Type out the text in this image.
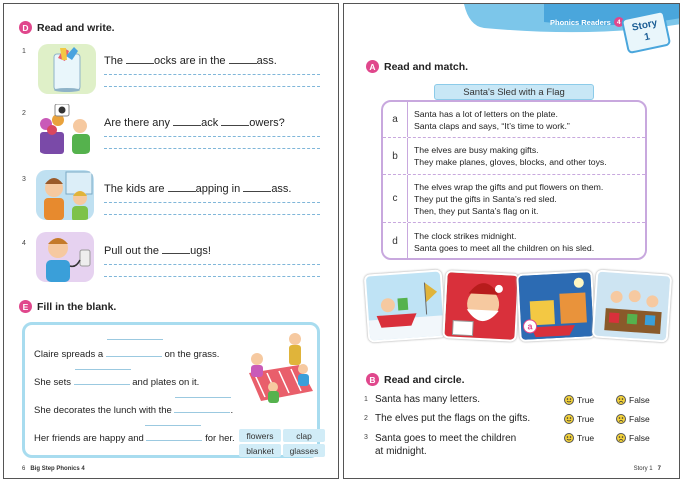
D Read and write.
1
The	ocks are in the	ass.
2
Are there any	ack	owers?
3
The kids are	apping in	ass.
4
Pull out the	ugs!
E Fill in the blank.
Claire spreads a	on the grass.
She sets	and plates on it.
She decorates the lunch with the	.
Her friends are happy and	for her.	flowers	clap
blanket	glasses
6 Big Step Phonics 4
Phonics Readers 4	Story
1
A Read and match.
Santa's Sled with a Flag
a
Santa has a lot of letters on the plate.
Santa claps and says, “It’s time to work.”
b
The elves are busy making gifts.
They make planes, gloves, blocks, and other toys.
c
The elves wrap the gifts and put flowers on them.
They put the gifts in Santa’s red sled.
Then, they put Santa’s flag on it.
d
The clock strikes midnight.
Santa goes to meet all the children on his sled.
a
B Read and circle.
1 Santa has many letters.
2 The elves put the flags on the gifts.
3 Santa goes to meet the children
at midnight.
True	False
True	False
True	False
Story 1 7
